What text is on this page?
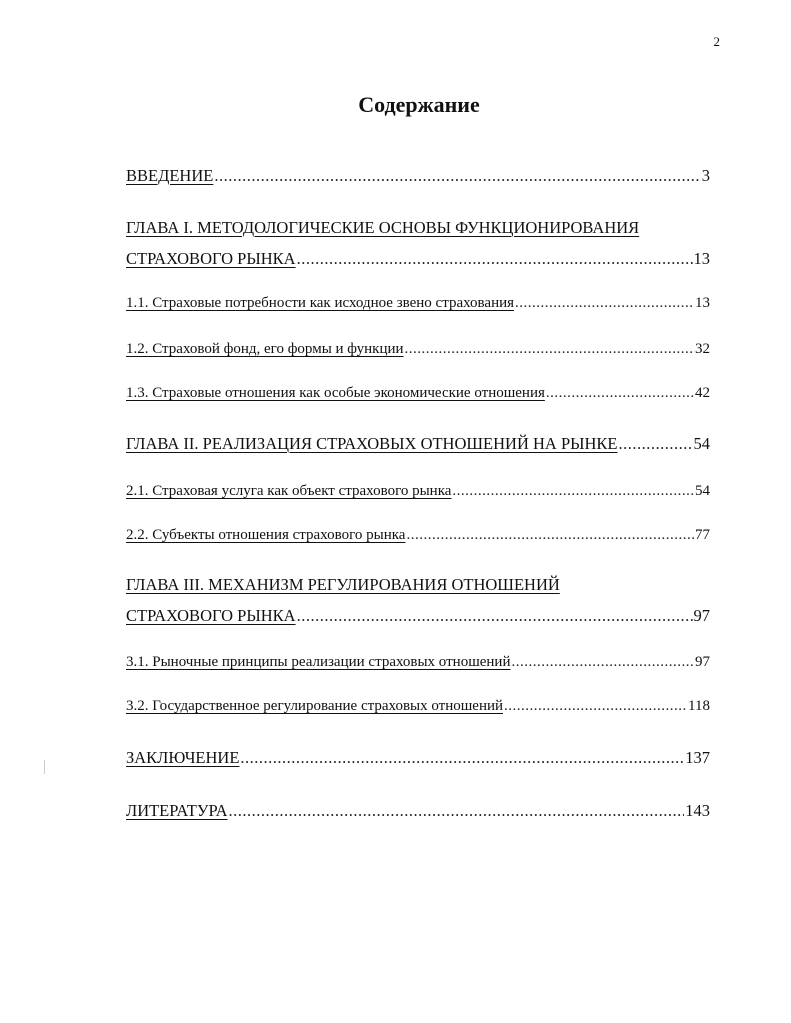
2
Содержание
ВВЕДЕНИЕ .....	3
ГЛАВА I. МЕТОДОЛОГИЧЕСКИЕ ОСНОВЫ ФУНКЦИОНИРОВАНИЯ
СТРАХОВОГО РЫНКА .....	13
1.1. Страховые потребности как исходное звено страхования .....	13
1.2. Страховой фонд, его формы и функции .....	32
1.3. Страховые отношения как особые экономические отношения .....	42
ГЛАВА II. РЕАЛИЗАЦИЯ СТРАХОВЫХ ОТНОШЕНИЙ НА РЫНКЕ .....	54
2.1. Страховая услуга как объект страхового рынка .....	54
2.2. Субъекты отношения страхового рынка .....	77
ГЛАВА III. МЕХАНИЗМ РЕГУЛИРОВАНИЯ ОТНОШЕНИЙ
СТРАХОВОГО РЫНКА .....	97
3.1. Рыночные принципы реализации страховых отношений .....	97
3.2. Государственное регулирование страховых отношений .....	118
ЗАКЛЮЧЕНИЕ .....	137
ЛИТЕРАТУРА .....	143
